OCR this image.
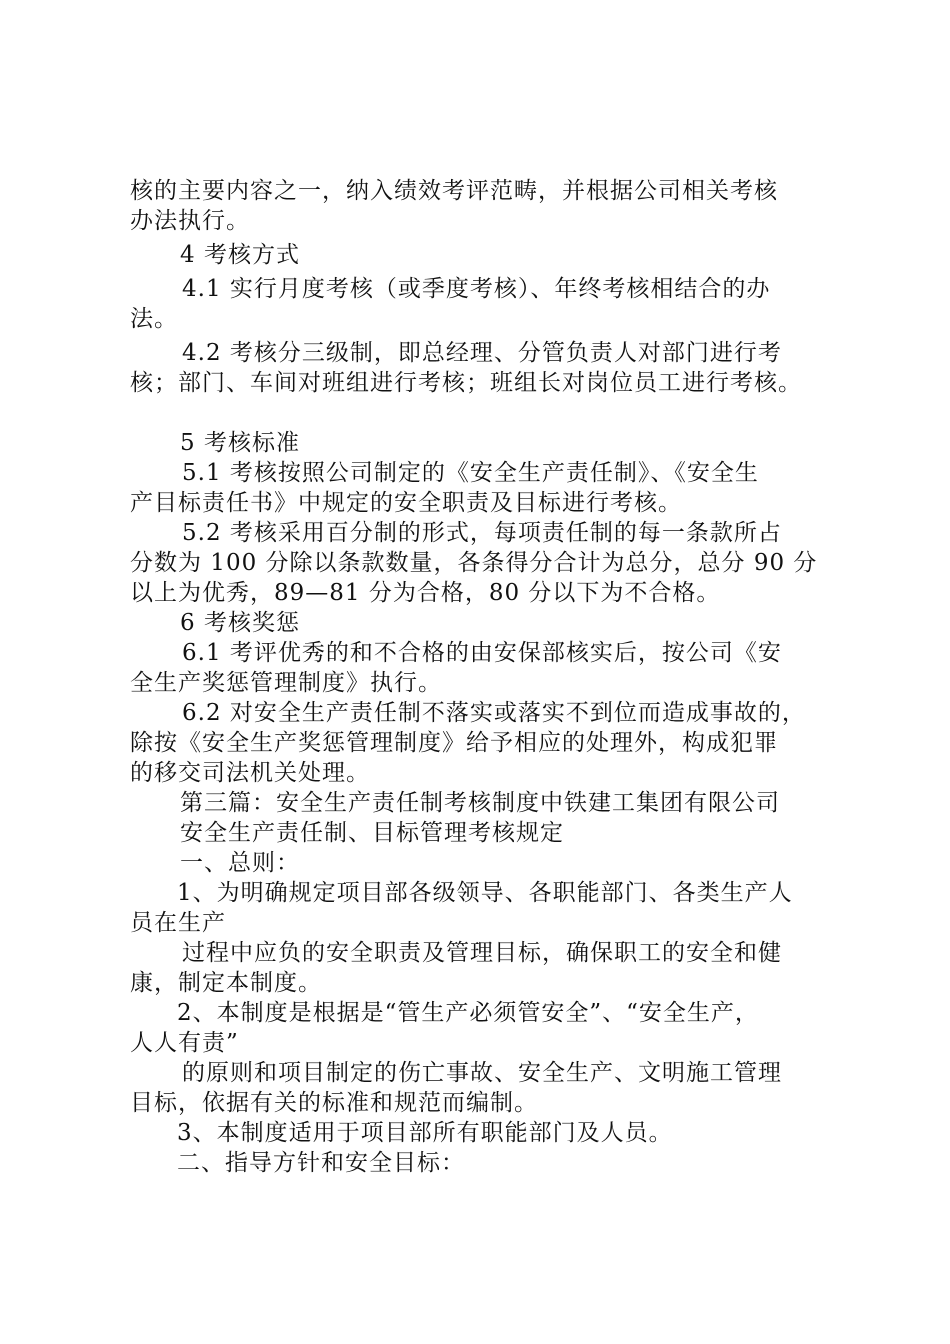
核的主要内容之一，纳入绩效考评范畴，并根据公司相关考核
办法执行。
4 考核方式
4.1 实行月度考核（或季度考核）、年终考核相结合的办
法。
4.2 考核分三级制，即总经理、分管负责人对部门进行考
核；部门、车间对班组进行考核；班组长对岗位员工进行考核。
5 考核标准
5.1 考核按照公司制定的《安全生产责任制》、《安全生
产目标责任书》中规定的安全职责及目标进行考核。
5.2 考核采用百分制的形式，每项责任制的每一条款所占
分数为 100 分除以条款数量，各条得分合计为总分，总分 90 分
以上为优秀，89—81 分为合格，80 分以下为不合格。
6 考核奖惩
6.1 考评优秀的和不合格的由安保部核实后，按公司《安
全生产奖惩管理制度》执行。
6.2 对安全生产责任制不落实或落实不到位而造成事故的，
除按《安全生产奖惩管理制度》给予相应的处理外，构成犯罪
的移交司法机关处理。
第三篇：安全生产责任制考核制度中铁建工集团有限公司
安全生产责任制、目标管理考核规定
一、总则：
1、为明确规定项目部各级领导、各职能部门、各类生产人
员在生产
过程中应负的安全职责及管理目标，确保职工的安全和健
康，制定本制度。
2、本制度是根据是“管生产必须管安全”、“安全生产，
人人有责”
的原则和项目制定的伤亡事故、安全生产、文明施工管理
目标，依据有关的标准和规范而编制。
3、本制度适用于项目部所有职能部门及人员。
二、指导方针和安全目标：
